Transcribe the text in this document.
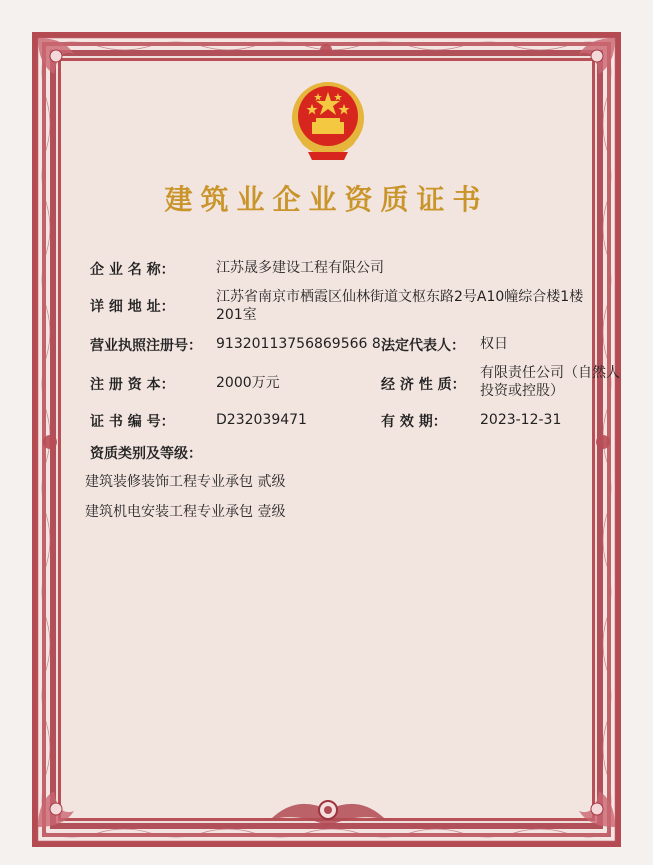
建筑业企业资质证书
企 业 名 称：	江苏晟多建设工程有限公司
详 细 地 址：
江苏省南京市栖霞区仙林街道文枢东路2号A10幢综合楼1楼201室
营业执照注册号： 91320113756869566 8 法定代表人： 权日
注 册 资 本：	2000万元	经 济 性 质：
有限责任公司（自然人投资或控股）
证 书 编 号：	D232039471	有 效 期： 2023-12-31
资质类别及等级：
建筑装修装饰工程专业承包 贰级
建筑机电安装工程专业承包 壹级
